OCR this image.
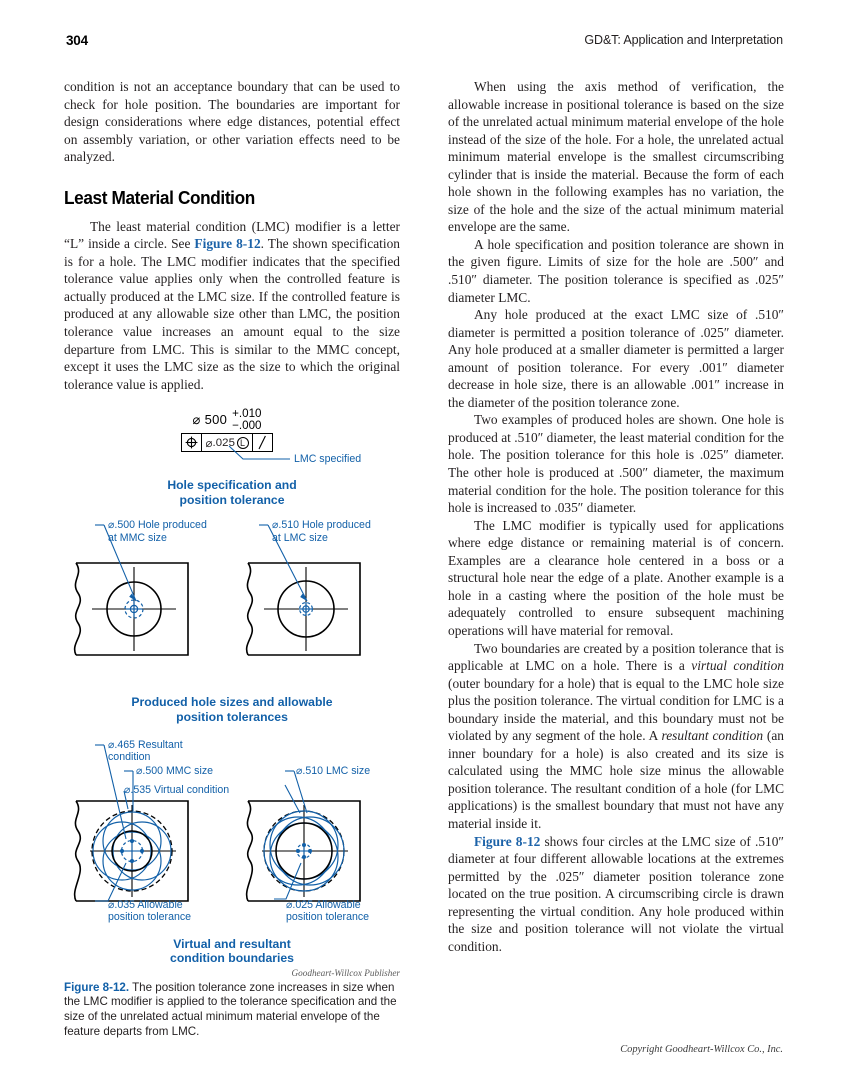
304	GD&T: Application and Interpretation

condition is not an acceptance boundary that can be used to check for hole position. The boundaries are important for design considerations where edge distances, potential effect on assembly variation, or other variation effects need to be analyzed.

Least Material Condition

The least material condition (LMC) modifier is a letter “L” inside a circle. See Figure 8-12. The shown specification is for a hole. The LMC modifier indicates that the specified tolerance value applies only when the controlled feature is actually produced at the LMC size. If the controlled feature is produced at any allowable size other than LMC, the position tolerance value increases an amount equal to the size departure from LMC. This is similar to the MMC concept, except it uses the LMC size as the size to which the original tolerance value is applied.

⌀ 500 +.010
−.000
⌀ .025 L
LMC specified
Hole specification and
position tolerance
⌀.500 Hole produced
at MMC size
⌀.510 Hole produced
at LMC size
Produced hole sizes and allowable
position tolerances
⌀.465 Resultant
condition
⌀.500 MMC size	⌀.510 LMC size
⌀.535 Virtual condition
⌀.035 Allowable
position tolerance
⌀.025 Allowable
position tolerance
Virtual and resultant
condition boundaries
Goodheart-Willcox Publisher
Figure 8-12. The position tolerance zone increases in size when the LMC modifier is applied to the tolerance specification and the size of the unrelated actual minimum material envelope of the feature departs from LMC.

When using the axis method of verification, the allowable increase in positional tolerance is based on the size of the unrelated actual minimum material envelope of the hole instead of the size of the hole. For a hole, the unrelated actual minimum material envelope is the smallest circumscribing cylinder that is inside the material. Because the form of each hole shown in the following examples has no variation, the size of the hole and the size of the actual minimum material envelope are the same.

A hole specification and position tolerance are shown in the given figure. Limits of size for the hole are .500″ and .510″ diameter. The position tolerance is specified as .025″ diameter LMC.

Any hole produced at the exact LMC size of .510″ diameter is permitted a position tolerance of .025″ diameter. Any hole produced at a smaller diameter is permitted a larger amount of position tolerance. For every .001″ diameter decrease in hole size, there is an allowable .001″ increase in the diameter of the position tolerance zone.

Two examples of produced holes are shown. One hole is produced at .510″ diameter, the least material condition for the hole. The position tolerance for this hole is .025″ diameter. The other hole is produced at .500″ diameter, the maximum material condition for the hole. The position tolerance for this hole is increased to .035″ diameter.

The LMC modifier is typically used for applications where edge distance or remaining material is of concern. Examples are a clearance hole centered in a boss or a structural hole near the edge of a plate. Another example is a hole in a casting where the position of the hole must be adequately controlled to ensure subsequent machining operations will have material for removal.

Two boundaries are created by a position tolerance that is applicable at LMC on a hole. There is a virtual condition (outer boundary for a hole) that is equal to the LMC hole size plus the position tolerance. The virtual condition for LMC is a boundary inside the material, and this boundary must not be violated by any segment of the hole. A resultant condition (an inner boundary for a hole) is also created and its size is calculated using the MMC hole size minus the allowable position tolerance. The resultant condition of a hole (for LMC applications) is the smallest boundary that must not have any material inside it.

Figure 8-12 shows four circles at the LMC size of .510″ diameter at four different allowable locations at the extremes permitted by the .025″ diameter position tolerance zone located on the true position. A circumscribing circle is drawn representing the virtual condition. Any hole produced within the size and position tolerance will not violate the virtual condition.

Copyright Goodheart-Willcox Co., Inc.
